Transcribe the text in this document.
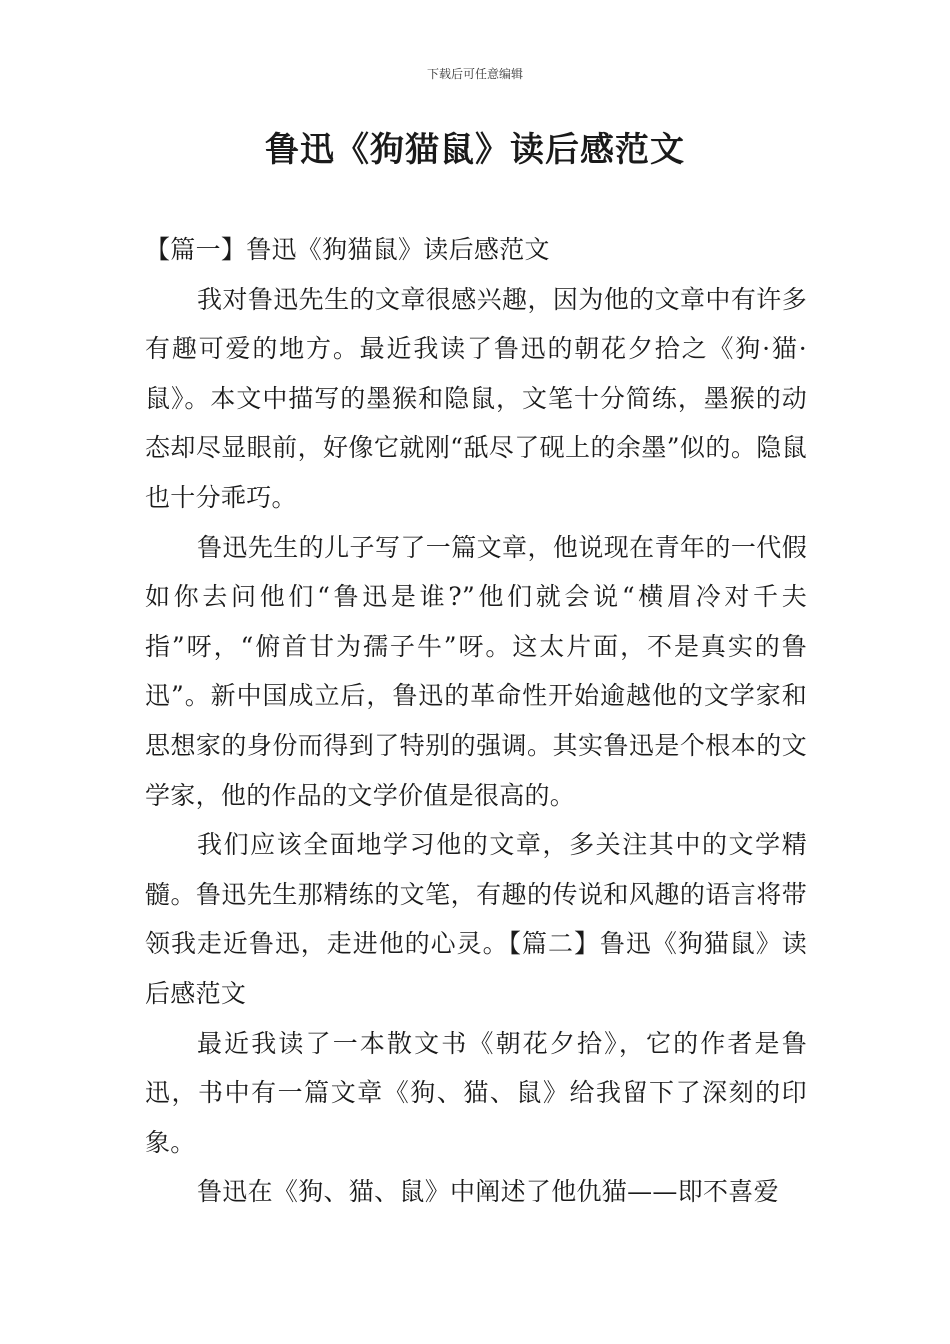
下载后可任意编辑
鲁迅《狗猫鼠》读后感范文

【篇一】鲁迅《狗猫鼠》读后感范文

我对鲁迅先生的文章很感兴趣，因为他的文章中有许多有趣可爱的地方。最近我读了鲁迅的朝花夕拾之《狗·猫·鼠》。本文中描写的墨猴和隐鼠，文笔十分简练，墨猴的动态却尽显眼前，好像它就刚“舐尽了砚上的余墨”似的。隐鼠也十分乖巧。

鲁迅先生的儿子写了一篇文章，他说现在青年的一代假如你去问他们“鲁迅是谁?”他们就会说“横眉冷对千夫指”呀，“俯首甘为孺子牛”呀。这太片面，不是真实的鲁迅”。新中国成立后，鲁迅的革命性开始逾越他的文学家和思想家的身份而得到了特别的强调。其实鲁迅是个根本的文学家，他的作品的文学价值是很高的。

我们应该全面地学习他的文章，多关注其中的文学精髓。鲁迅先生那精练的文笔，有趣的传说和风趣的语言将带领我走近鲁迅，走进他的心灵。【篇二】鲁迅《狗猫鼠》读后感范文

最近我读了一本散文书《朝花夕拾》，它的作者是鲁迅，书中有一篇文章《狗、猫、鼠》给我留下了深刻的印象。

鲁迅在《狗、猫、鼠》中阐述了他仇猫——即不喜爱
